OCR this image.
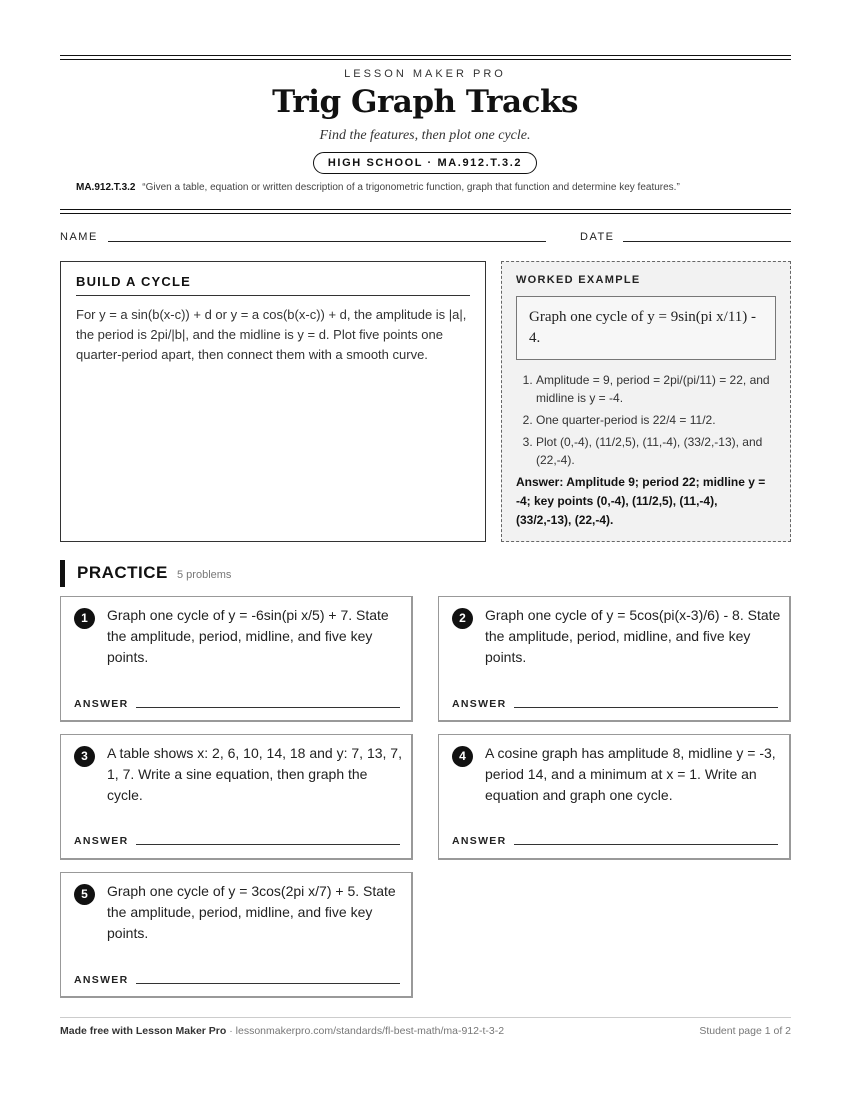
LESSON MAKER PRO
Trig Graph Tracks
Find the features, then plot one cycle.
HIGH SCHOOL · MA.912.T.3.2
MA.912.T.3.2 “Given a table, equation or written description of a trigonometric function, graph that function and determine key features.”
NAME	DATE
BUILD A CYCLE

For y = a sin(b(x-c)) + d or y = a cos(b(x-c)) + d, the amplitude is |a|, the period is 2pi/|b|, and the midline is y = d. Plot five points one quarter-period apart, then connect them with a smooth curve.

WORKED EXAMPLE
Graph one cycle of y = 9sin(pi x/11) - 4.
1. Amplitude = 9, period = 2pi/(pi/11) = 22, and midline is y = -4.
2. One quarter-period is 22/4 = 11/2.
3. Plot (0,-4), (11/2,5), (11,-4), (33/2,-13), and (22,-4).
Answer: Amplitude 9; period 22; midline y = -4; key points (0,-4), (11/2,5), (11,-4), (33/2,-13), (22,-4).
PRACTICE 5 problems
1	Graph one cycle of y = -6sin(pi x/5) + 7. State the amplitude, period, midline, and five key points.
ANSWER
2	Graph one cycle of y = 5cos(pi(x-3)/6) - 8. State the amplitude, period, midline, and five key points.
ANSWER
3	A table shows x: 2, 6, 10, 14, 18 and y: 7, 13, 7, 1, 7. Write a sine equation, then graph the cycle.
ANSWER
4	A cosine graph has amplitude 8, midline y = -3, period 14, and a minimum at x = 1. Write an equation and graph one cycle.
ANSWER
5	Graph one cycle of y = 3cos(2pi x/7) + 5. State the amplitude, period, midline, and five key points.
ANSWER
Made free with Lesson Maker Pro · lessonmakerpro.com/standards/fl-best-math/ma-912-t-3-2	Student page 1 of 2
